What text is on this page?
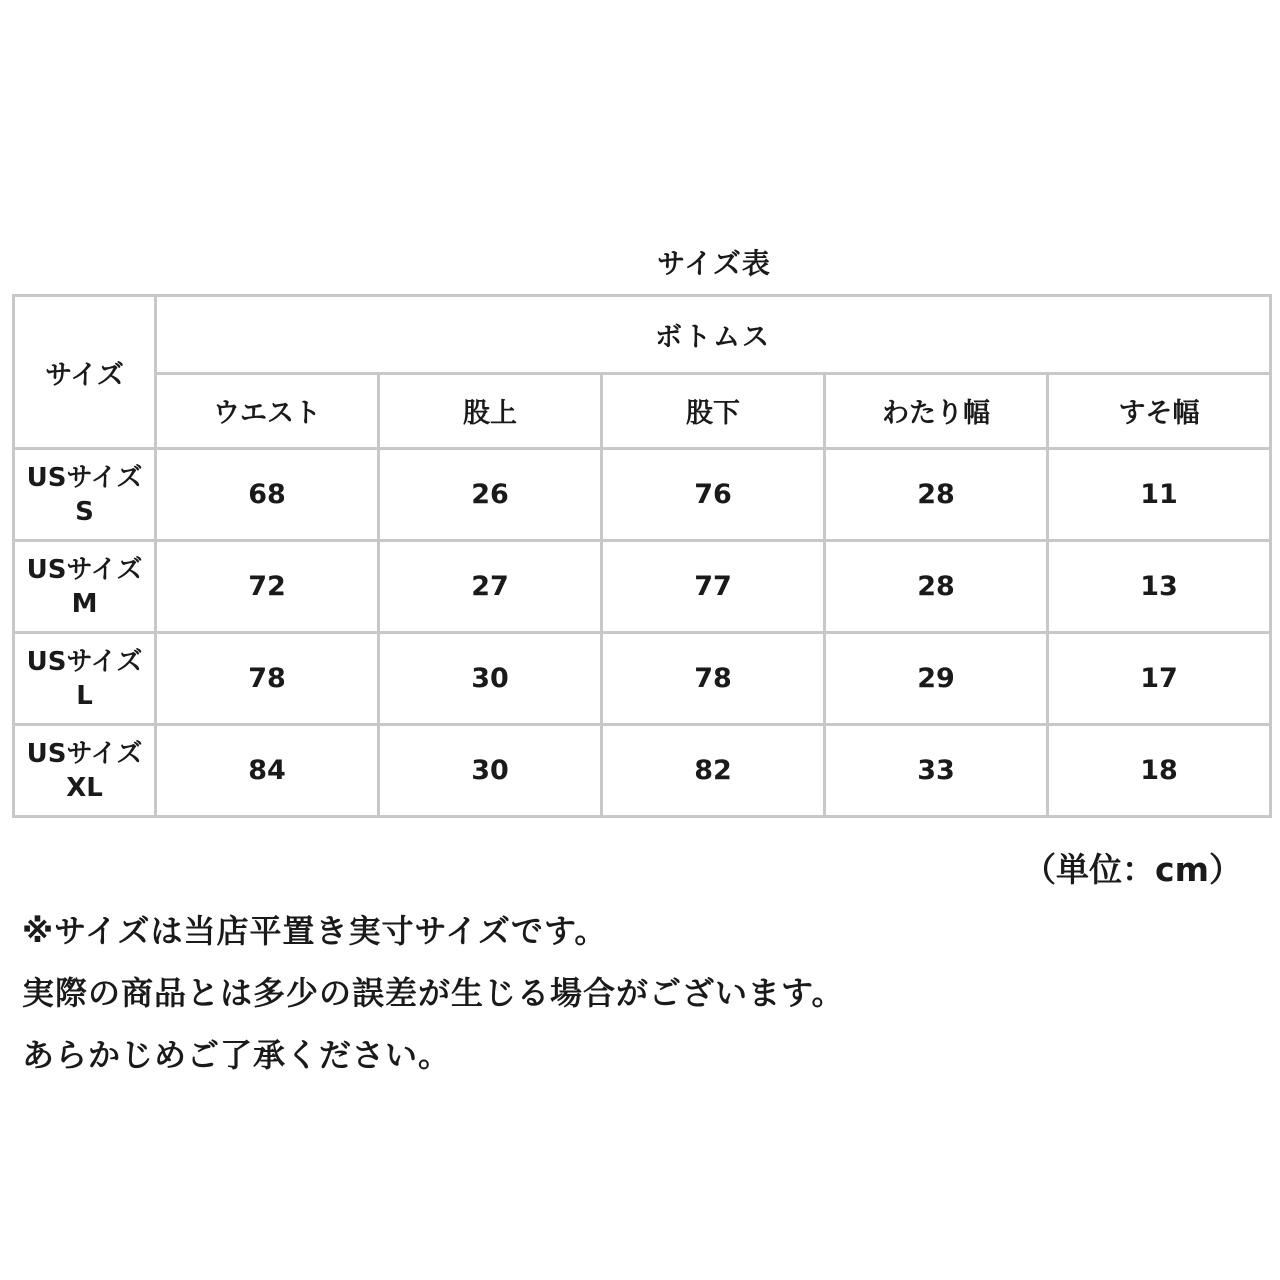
サイズ表
サイズ	ボトムス				
	ウエスト	股上	股下	わたり幅	すそ幅

USサイズ
S	68	26	76	28	11

USサイズ
M	72	27	77	28	13

USサイズ
L	78	30	78	29	17

USサイズ
XL	84	30	82	33	18
（単位：cm）
※サイズは当店平置き実寸サイズです。
実際の商品とは多少の誤差が生じる場合がございます。
あらかじめご了承ください。
